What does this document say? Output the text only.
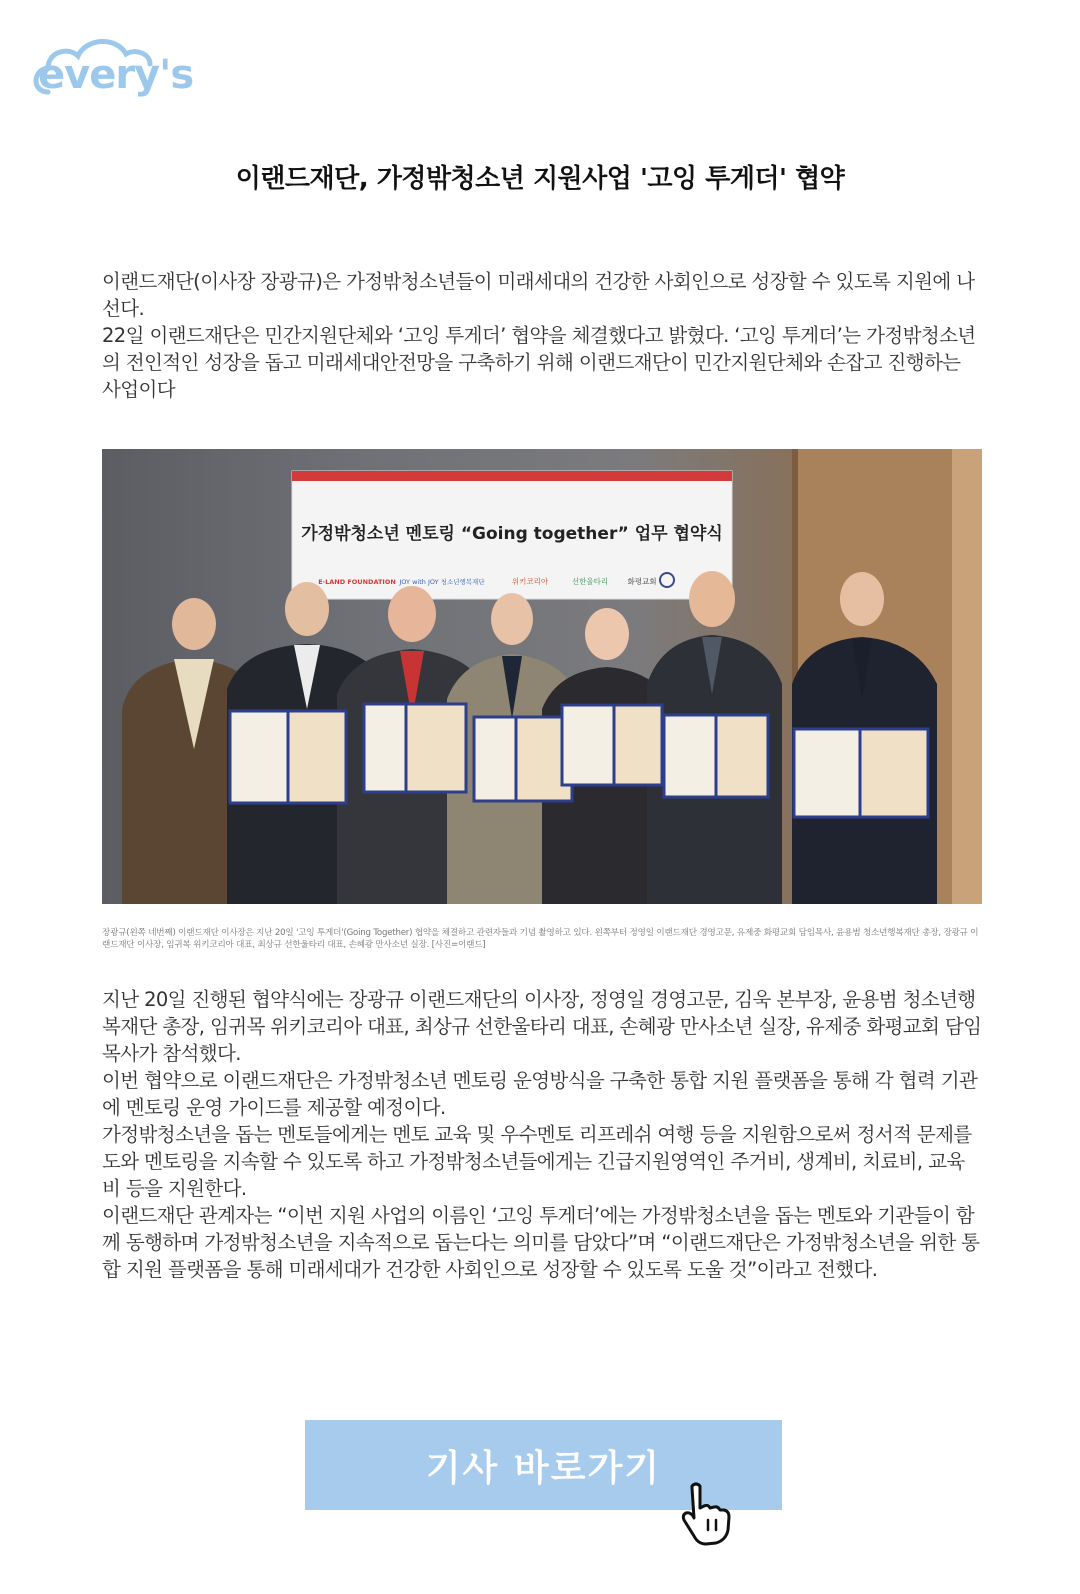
every's
이랜드재단, 가정밖청소년 지원사업 '고잉 투게더' 협약

이랜드재단(이사장 장광규)은 가정밖청소년들이 미래세대의 건강한 사회인으로 성장할 수 있도록 지원에 나선다.

22일 이랜드재단은 민간지원단체와 ‘고잉 투게더’ 협약을 체결했다고 밝혔다. ‘고잉 투게더’는 가정밖청소년의 전인적인 성장을 돕고 미래세대안전망을 구축하기 위해 이랜드재단이 민간지원단체와 손잡고 진행하는 사업이다

가정밖청소년 멘토링 “Going together” 업무 협약식
E·LAND FOUNDATION JOY with JOY 청소년행복재단	위키코리아	선한울타리	화평교회
장광규(왼쪽 네번째) 이랜드재단 이사장은 지난 20일 '고잉 투게더'(Going Together) 협약을 체결하고 관련자들과 기념 촬영하고 있다. 왼쪽부터 정영일 이랜드재단 경영고문, 유제중 화평교회 담임목사, 윤용범 청소년행복재단 총장, 장광규 이랜드재단 이사장, 임귀복 위키코리아 대표, 최상규 선한울타리 대표, 손혜광 만사소년 실장. [사진=이랜드]

지난 20일 진행된 협약식에는 장광규 이랜드재단의 이사장, 정영일 경영고문, 김욱 본부장, 윤용범 청소년행복재단 총장, 임귀목 위키코리아 대표, 최상규 선한울타리 대표, 손혜광 만사소년 실장, 유제중 화평교회 담임목사가 참석했다.

이번 협약으로 이랜드재단은 가정밖청소년 멘토링 운영방식을 구축한 통합 지원 플랫폼을 통해 각 협력 기관에 멘토링 운영 가이드를 제공할 예정이다.

가정밖청소년을 돕는 멘토들에게는 멘토 교육 및 우수멘토 리프레쉬 여행 등을 지원함으로써 정서적 문제를 도와 멘토링을 지속할 수 있도록 하고 가정밖청소년들에게는 긴급지원영역인 주거비, 생계비, 치료비, 교육비 등을 지원한다.

이랜드재단 관계자는 “이번 지원 사업의 이름인 ‘고잉 투게더’에는 가정밖청소년을 돕는 멘토와 기관들이 함께 동행하며 가정밖청소년을 지속적으로 돕는다는 의미를 담았다”며 “이랜드재단은 가정밖청소년을 위한 통합 지원 플랫폼을 통해 미래세대가 건강한 사회인으로 성장할 수 있도록 도울 것”이라고 전했다.

기사 바로가기
